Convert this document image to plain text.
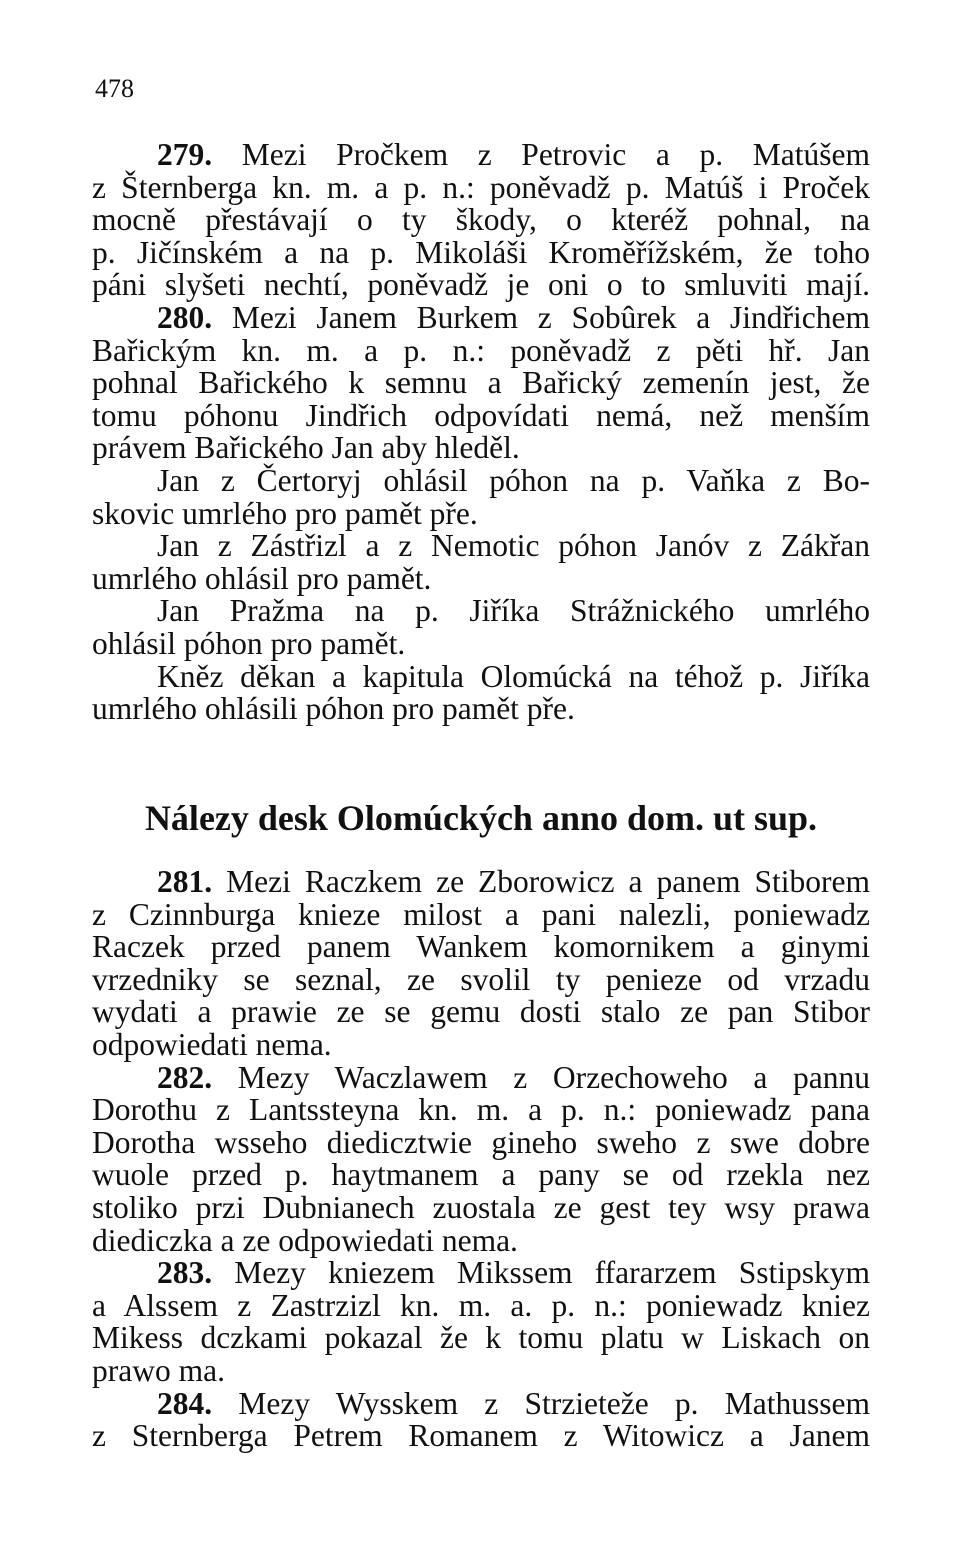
478
279. Mezi Pročkem z Petrovic a p. Matúšem
z Šternberga kn. m. a p. n.: poněvadž p. Matúš i Proček
mocně přestávají o ty škody, o kteréž pohnal, na
p. Jičínském a na p. Mikoláši Kroměřížském, že toho
páni slyšeti nechtí, poněvadž je oni o to smluviti mají.
280. Mezi Janem Burkem z Sobûrek a Jindřichem
Bařickým kn. m. a p. n.: poněvadž z pěti hř. Jan
pohnal Bařického k semnu a Bařický zemenín jest, že
tomu póhonu Jindřich odpovídati nemá, než menším
právem Bařického Jan aby hleděl.
Jan z Čertoryj ohlásil póhon na p. Vaňka z Bo-
skovic umrlého pro pamět pře.
Jan z Zástřizl a z Nemotic póhon Janóv z Zákřan
umrlého ohlásil pro pamět.
Jan Pražma na p. Jiříka Strážnického umrlého
ohlásil póhon pro pamět.
Kněz děkan a kapitula Olomúcká na téhož p. Jiříka
umrlého ohlásili póhon pro pamět pře.
Nálezy desk Olomúckých anno dom. ut sup.
281. Mezi Raczkem ze Zborowicz a panem Stiborem
z Czinnburga knieze milost a pani nalezli, poniewadz
Raczek przed panem Wankem komornikem a ginymi
vrzedniky se seznal, ze svolil ty penieze od vrzadu
wydati a prawie ze se gemu dosti stalo ze pan Stibor
odpowiedati nema.
282. Mezy Waczlawem z Orzechoweho a pannu
Dorothu z Lantssteyna kn. m. a p. n.: poniewadz pana
Dorotha wsseho diedicztwie gineho sweho z swe dobre
wuole przed p. haytmanem a pany se od rzekla nez
stoliko przi Dubnianech zuostala ze gest tey wsy prawa
diediczka a ze odpowiedati nema.
283. Mezy kniezem Mikssem ffararzem Sstipskym
a Alssem z Zastrzizl kn. m. a. p. n.: poniewadz kniez
Mikess dczkami pokazal že k tomu platu w Liskach on
prawo ma.
284. Mezy Wysskem z Strzieteže p. Mathussem
z Sternberga Petrem Romanem z Witowicz a Janem
